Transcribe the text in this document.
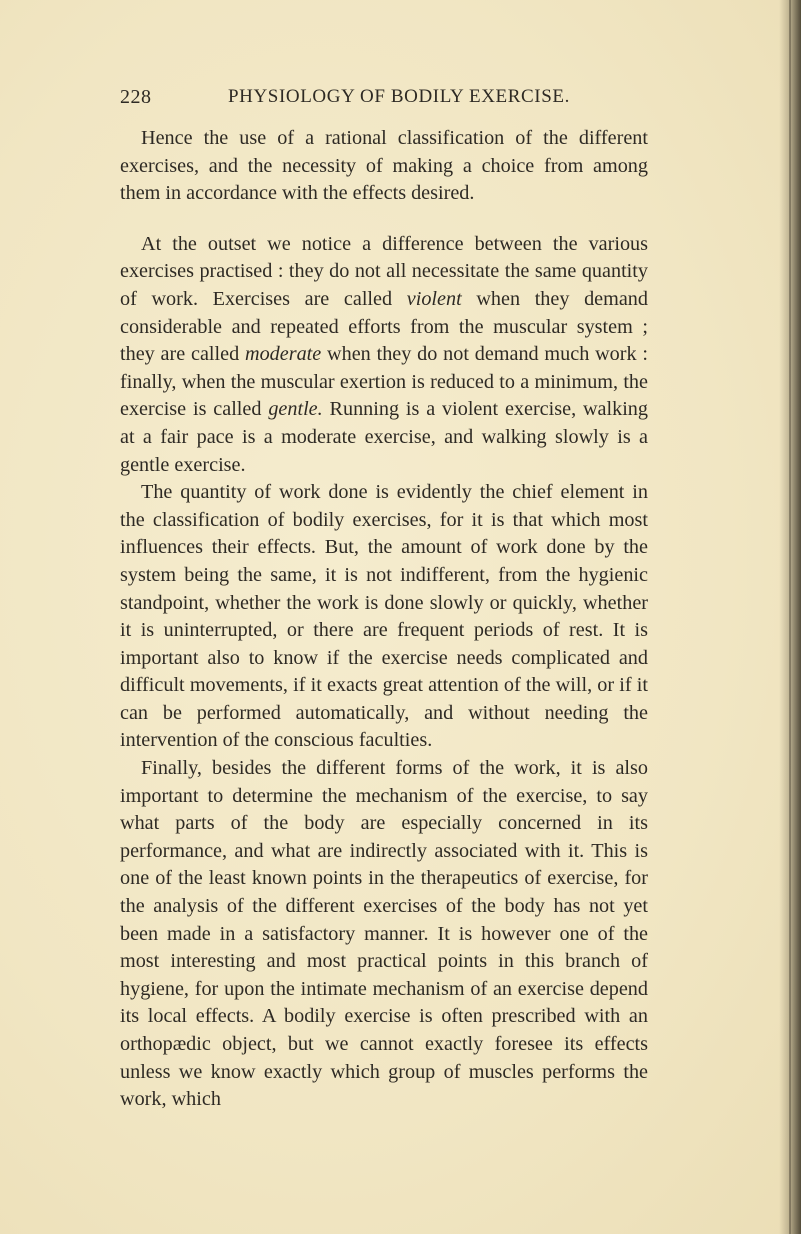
228	PHYSIOLOGY OF BODILY EXERCISE.

Hence the use of a rational classification of the different exercises, and the necessity of making a choice from among them in accordance with the effects desired.

At the outset we notice a difference between the various exercises practised : they do not all necessitate the same quantity of work. Exercises are called violent when they demand considerable and repeated efforts from the muscular system ; they are called moderate when they do not demand much work : finally, when the muscular exertion is reduced to a minimum, the exercise is called gentle. Running is a violent exercise, walking at a fair pace is a moderate exercise, and walking slowly is a gentle exercise.

The quantity of work done is evidently the chief element in the classification of bodily exercises, for it is that which most influences their effects. But, the amount of work done by the system being the same, it is not indifferent, from the hygienic standpoint, whether the work is done slowly or quickly, whether it is uninterrupted, or there are frequent periods of rest. It is important also to know if the exercise needs complicated and difficult movements, if it exacts great attention of the will, or if it can be performed automatically, and without needing the intervention of the conscious faculties.

Finally, besides the different forms of the work, it is also important to determine the mechanism of the exercise, to say what parts of the body are especially concerned in its performance, and what are indirectly associated with it. This is one of the least known points in the therapeutics of exercise, for the analysis of the different exercises of the body has not yet been made in a satisfactory manner. It is however one of the most interesting and most practical points in this branch of hygiene, for upon the intimate mechanism of an exercise depend its local effects. A bodily exercise is often prescribed with an orthopædic object, but we cannot exactly foresee its effects unless we know exactly which group of muscles performs the work, which
